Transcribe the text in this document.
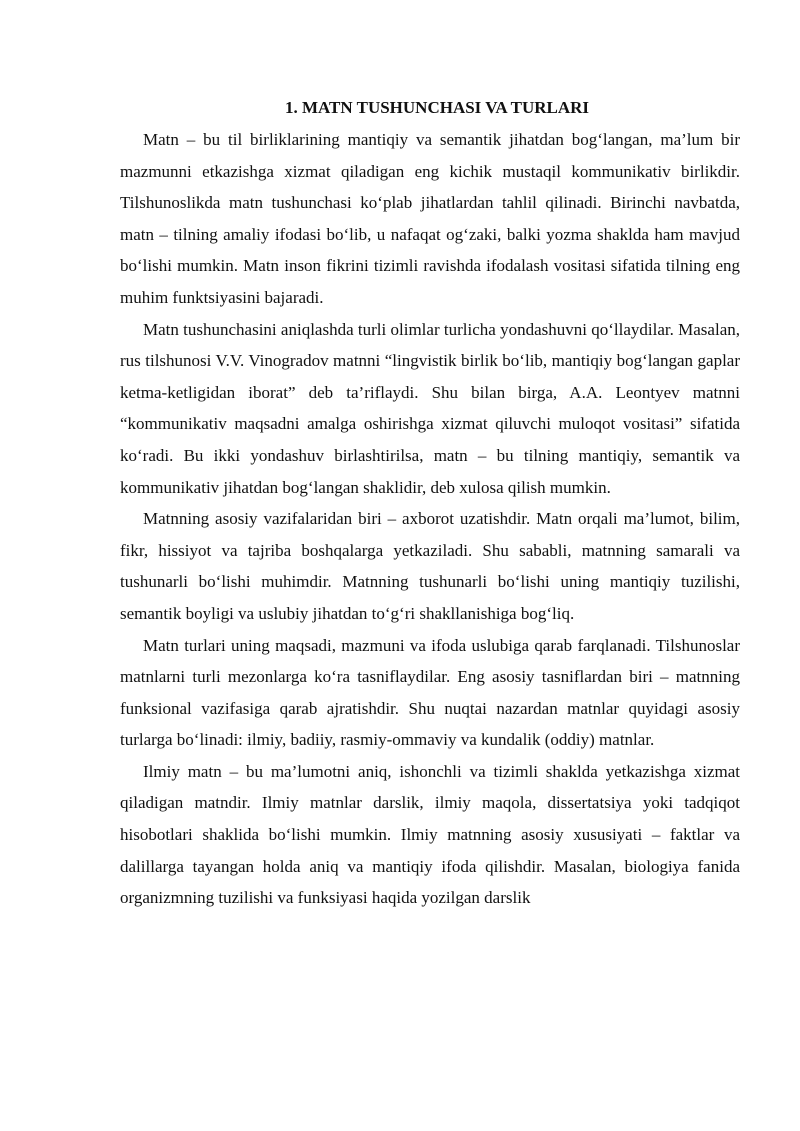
1. MATN TUSHUNCHASI VA TURLARI

Matn – bu til birliklarining mantiqiy va semantik jihatdan bog‘langan, ma’lum bir mazmunni etkazishga xizmat qiladigan eng kichik mustaqil kommunikativ birlikdir. Tilshunoslikda matn tushunchasi ko‘plab jihatlardan tahlil qilinadi. Birinchi navbatda, matn – tilning amaliy ifodasi bo‘lib, u nafaqat og‘zaki, balki yozma shaklda ham mavjud bo‘lishi mumkin. Matn inson fikrini tizimli ravishda ifodalash vositasi sifatida tilning eng muhim funktsiyasini bajaradi.

Matn tushunchasini aniqlashda turli olimlar turlicha yondashuvni qo‘llaydilar. Masalan, rus tilshunosi V.V. Vinogradov matnni “lingvistik birlik bo‘lib, mantiqiy bog‘langan gaplar ketma-ketligidan iborat” deb ta’riflaydi. Shu bilan birga, A.A. Leontyev matnni “kommunikativ maqsadni amalga oshirishga xizmat qiluvchi muloqot vositasi” sifatida ko‘radi. Bu ikki yondashuv birlashtirilsa, matn – bu tilning mantiqiy, semantik va kommunikativ jihatdan bog‘langan shaklidir, deb xulosa qilish mumkin.

Matnning asosiy vazifalaridan biri – axborot uzatishdir. Matn orqali ma’lumot, bilim, fikr, hissiyot va tajriba boshqalarga yetkaziladi. Shu sababli, matnning samarali va tushunarli bo‘lishi muhimdir. Matnning tushunarli bo‘lishi uning mantiqiy tuzilishi, semantik boyligi va uslubiy jihatdan to‘g‘ri shakllanishiga bog‘liq.

Matn turlari uning maqsadi, mazmuni va ifoda uslubiga qarab farqlanadi. Tilshunoslar matnlarni turli mezonlarga ko‘ra tasniflaydilar. Eng asosiy tasniflardan biri – matnning funksional vazifasiga qarab ajratishdir. Shu nuqtai nazardan matnlar quyidagi asosiy turlarga bo‘linadi: ilmiy, badiiy, rasmiy-ommaviy va kundalik (oddiy) matnlar.

Ilmiy matn – bu ma’lumotni aniq, ishonchli va tizimli shaklda yetkazishga xizmat qiladigan matndir. Ilmiy matnlar darslik, ilmiy maqola, dissertatsiya yoki tadqiqot hisobotlari shaklida bo‘lishi mumkin. Ilmiy matnning asosiy xususiyati – faktlar va dalillarga tayangan holda aniq va mantiqiy ifoda qilishdir. Masalan, biologiya fanida organizmning tuzilishi va funksiyasi haqida yozilgan darslik
